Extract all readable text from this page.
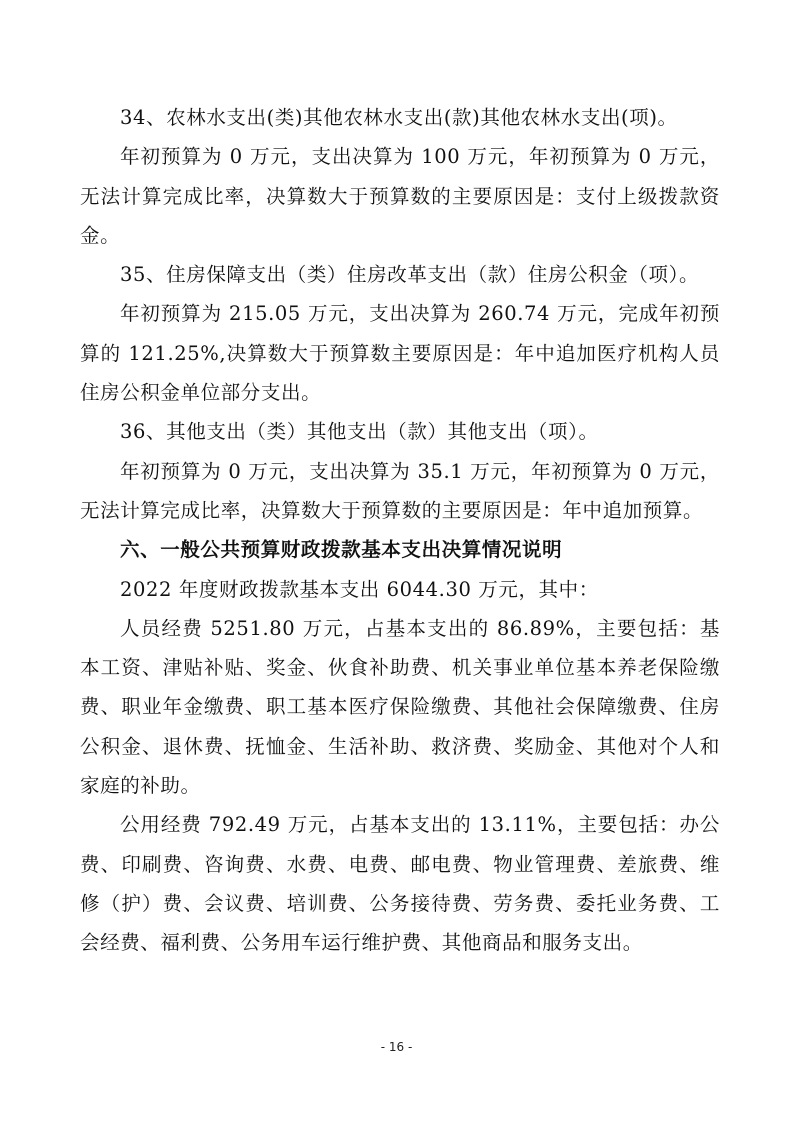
34、农林水支出(类)其他农林水支出(款)其他农林水支出(项)。

年初预算为 0 万元，支出决算为 100 万元，年初预算为 0 万元，无法计算完成比率，决算数大于预算数的主要原因是：支付上级拨款资金。

35、住房保障支出（类）住房改革支出（款）住房公积金（项）。

年初预算为 215.05 万元，支出决算为 260.74 万元，完成年初预算的 121.25%,决算数大于预算数主要原因是：年中追加医疗机构人员住房公积金单位部分支出。

36、其他支出（类）其他支出（款）其他支出（项）。

年初预算为 0 万元，支出决算为 35.1 万元，年初预算为 0 万元，无法计算完成比率，决算数大于预算数的主要原因是：年中追加预算。

六、一般公共预算财政拨款基本支出决算情况说明

2022 年度财政拨款基本支出 6044.30 万元，其中：

人员经费 5251.80 万元，占基本支出的 86.89%，主要包括：基本工资、津贴补贴、奖金、伙食补助费、机关事业单位基本养老保险缴费、职业年金缴费、职工基本医疗保险缴费、其他社会保障缴费、住房公积金、退休费、抚恤金、生活补助、救济费、奖励金、其他对个人和家庭的补助。

公用经费 792.49 万元，占基本支出的 13.11%，主要包括：办公费、印刷费、咨询费、水费、电费、邮电费、物业管理费、差旅费、维修（护）费、会议费、培训费、公务接待费、劳务费、委托业务费、工会经费、福利费、公务用车运行维护费、其他商品和服务支出。

- 16 -
